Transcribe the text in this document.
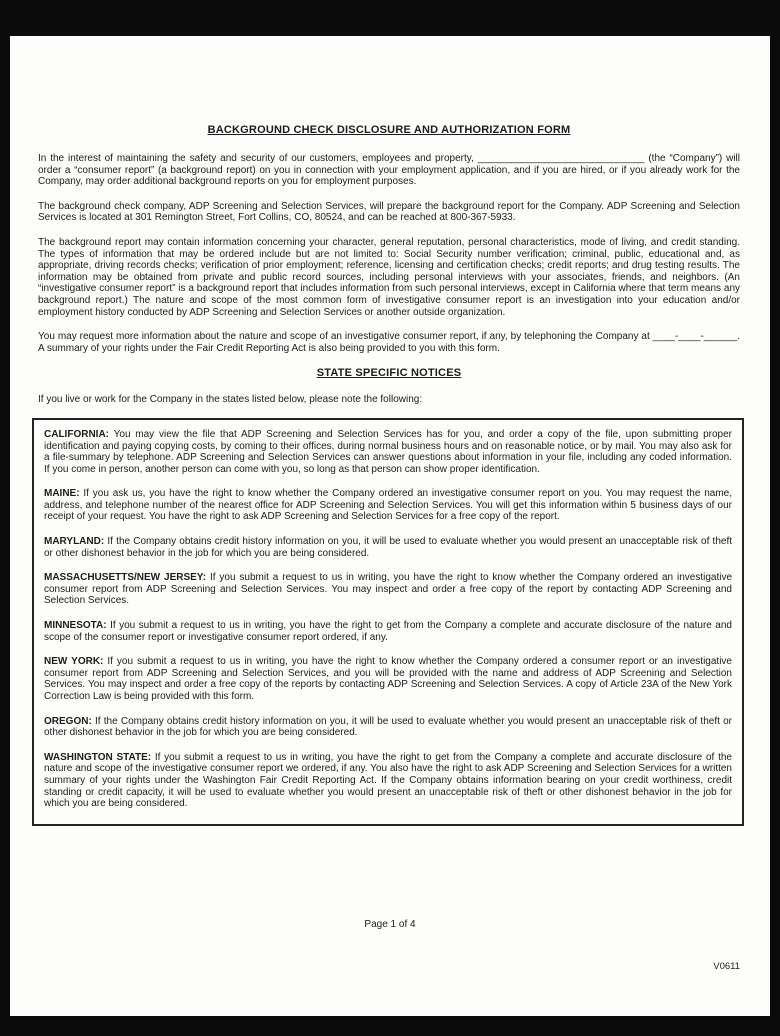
BACKGROUND CHECK DISCLOSURE AND AUTHORIZATION FORM

In the interest of maintaining the safety and security of our customers, employees and property, ______________________________ (the “Company”) will order a “consumer report” (a background report) on you in connection with your employment application, and if you are hired, or if you already work for the Company, may order additional background reports on you for employment purposes.

The background check company, ADP Screening and Selection Services, will prepare the background report for the Company. ADP Screening and Selection Services is located at 301 Remington Street, Fort Collins, CO, 80524, and can be reached at 800-367-5933.

The background report may contain information concerning your character, general reputation, personal characteristics, mode of living, and credit standing. The types of information that may be ordered include but are not limited to: Social Security number verification; criminal, public, educational and, as appropriate, driving records checks; verification of prior employment; reference, licensing and certification checks; credit reports; and drug testing results. The information may be obtained from private and public record sources, including personal interviews with your associates, friends, and neighbors. (An “investigative consumer report” is a background report that includes information from such personal interviews, except in California where that term means any background report.) The nature and scope of the most common form of investigative consumer report is an investigation into your education and/or employment history conducted by ADP Screening and Selection Services or another outside organization.

You may request more information about the nature and scope of an investigative consumer report, if any, by telephoning the Company at ____-____-______. A summary of your rights under the Fair Credit Reporting Act is also being provided to you with this form.

STATE SPECIFIC NOTICES

If you live or work for the Company in the states listed below, please note the following:

CALIFORNIA: You may view the file that ADP Screening and Selection Services has for you, and order a copy of the file, upon submitting proper identification and paying copying costs, by coming to their offices, during normal business hours and on reasonable notice, or by mail. You may also ask for a file-summary by telephone. ADP Screening and Selection Services can answer questions about information in your file, including any coded information. If you come in person, another person can come with you, so long as that person can show proper identification.

MAINE: If you ask us, you have the right to know whether the Company ordered an investigative consumer report on you. You may request the name, address, and telephone number of the nearest office for ADP Screening and Selection Services. You will get this information within 5 business days of our receipt of your request. You have the right to ask ADP Screening and Selection Services for a free copy of the report.

MARYLAND: If the Company obtains credit history information on you, it will be used to evaluate whether you would present an unacceptable risk of theft or other dishonest behavior in the job for which you are being considered.

MASSACHUSETTS/NEW JERSEY: If you submit a request to us in writing, you have the right to know whether the Company ordered an investigative consumer report from ADP Screening and Selection Services. You may inspect and order a free copy of the report by contacting ADP Screening and Selection Services.

MINNESOTA: If you submit a request to us in writing, you have the right to get from the Company a complete and accurate disclosure of the nature and scope of the consumer report or investigative consumer report ordered, if any.

NEW YORK: If you submit a request to us in writing, you have the right to know whether the Company ordered a consumer report or an investigative consumer report from ADP Screening and Selection Services, and you will be provided with the name and address of ADP Screening and Selection Services. You may inspect and order a free copy of the reports by contacting ADP Screening and Selection Services. A copy of Article 23A of the New York Correction Law is being provided with this form.

OREGON: If the Company obtains credit history information on you, it will be used to evaluate whether you would present an unacceptable risk of theft or other dishonest behavior in the job for which you are being considered.

WASHINGTON STATE: If you submit a request to us in writing, you have the right to get from the Company a complete and accurate disclosure of the nature and scope of the investigative consumer report we ordered, if any. You also have the right to ask ADP Screening and Selection Services for a written summary of your rights under the Washington Fair Credit Reporting Act. If the Company obtains information bearing on your credit worthiness, credit standing or credit capacity, it will be used to evaluate whether you would present an unacceptable risk of theft or other dishonest behavior in the job for which you are being considered.

Page 1 of 4
V0611
